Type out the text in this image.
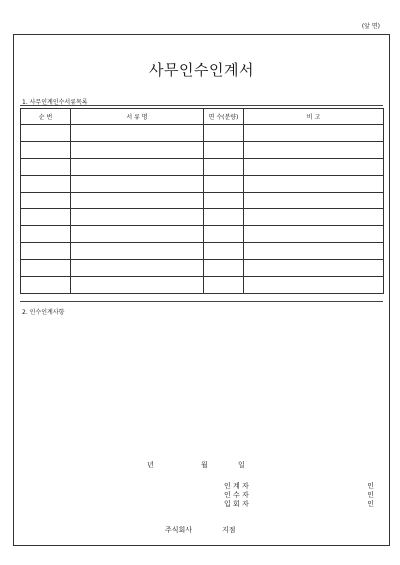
(앞 면)
사무인수인계서
1. 사무인계인수서류목록
순 번	서 류 명	면 수(분량)	비 고

2. 인수인계사항
년	월	일
인 계 자	인
인 수 자	인
입 회 자	인
주식회사	지점
